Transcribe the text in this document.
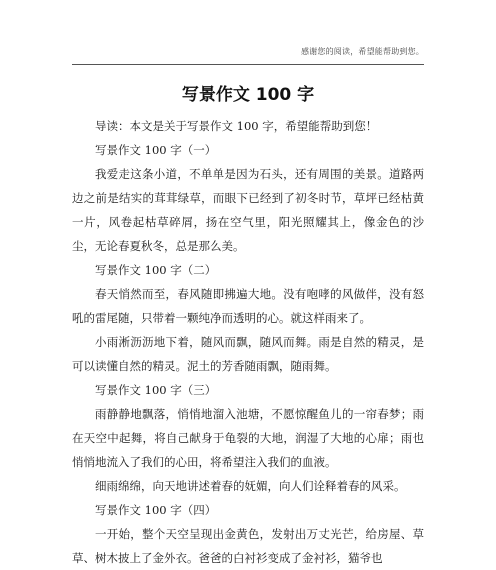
感谢您的阅读，希望能帮助到您。
写景作文 100 字

导读：本文是关于写景作文 100 字，希望能帮助到您！

写景作文 100 字（一）

我爱走这条小道，不单单是因为石头，还有周围的美景。道路两边之前是结实的茸茸绿草，而眼下已经到了初冬时节，草坪已经枯黄一片，风卷起枯草碎屑，扬在空气里，阳光照耀其上，像金色的沙尘，无论春夏秋冬，总是那么美。

写景作文 100 字（二）

春天悄然而至，春风随即拂遍大地。没有咆哮的风做伴，没有怒吼的雷尾随，只带着一颗纯净而透明的心。就这样雨来了。

小雨淅沥沥地下着，随风而飘，随风而舞。雨是自然的精灵，是可以读懂自然的精灵。泥土的芳香随雨飘，随雨舞。

写景作文 100 字（三）

雨静静地飘落，悄悄地溜入池塘，不愿惊醒鱼儿的一帘春梦；雨在天空中起舞，将自己献身于龟裂的大地，润湿了大地的心扉；雨也悄悄地流入了我们的心田，将希望注入我们的血液。

细雨绵绵，向天地讲述着春的妩媚，向人们诠释着春的风采。

写景作文 100 字（四）

一开始，整个天空呈现出金黄色，发射出万丈光芒，给房屋、草草、树木披上了金外衣。爸爸的白衬衫变成了金衬衫，猫爷也
